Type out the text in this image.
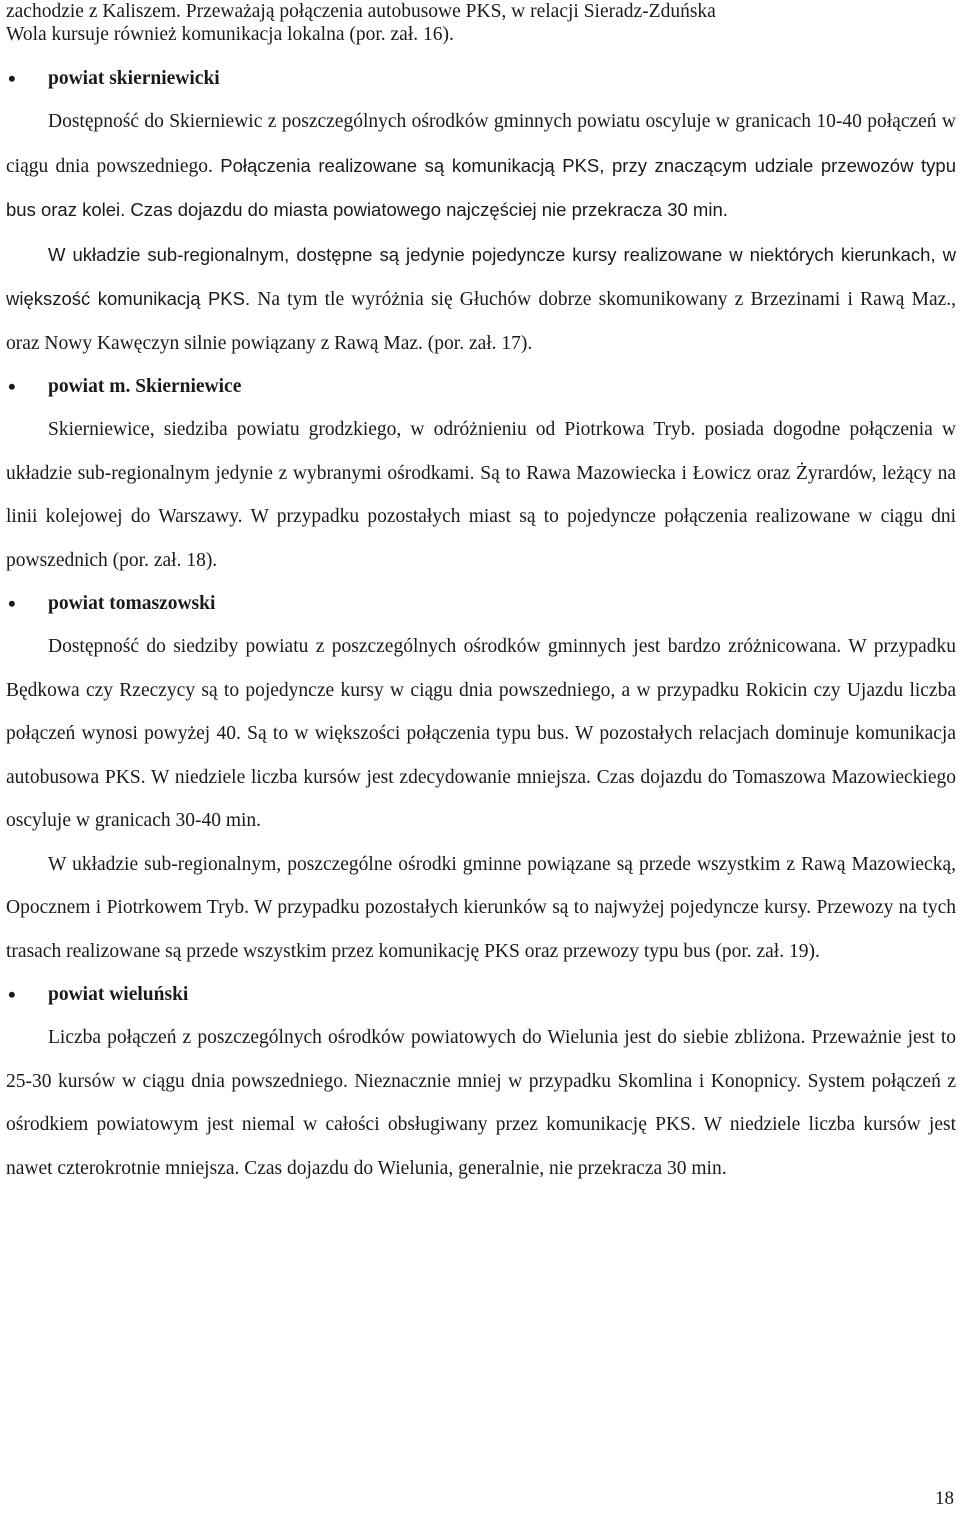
zachodzie z Kaliszem. Przeważają połączenia autobusowe PKS, w relacji Sieradz-Zduńska
Wola kursuje również komunikacja lokalna (por. zał. 16).

•	powiat skierniewicki

Dostępność do Skierniewic z poszczególnych ośrodków gminnych powiatu oscyluje w granicach 10-40 połączeń w ciągu dnia powszedniego. Połączenia realizowane są komunikacją PKS, przy znaczącym udziale przewozów typu bus oraz kolei. Czas dojazdu do miasta powiatowego najczęściej nie przekracza 30 min.

W układzie sub-regionalnym, dostępne są jedynie pojedyncze kursy realizowane w niektórych kierunkach, w większość komunikacją PKS. Na tym tle wyróżnia się Głuchów dobrze skomunikowany z Brzezinami i Rawą Maz., oraz Nowy Kawęczyn silnie powiązany z Rawą Maz. (por. zał. 17).

•	powiat m. Skierniewice

Skierniewice, siedziba powiatu grodzkiego, w odróżnieniu od Piotrkowa Tryb. posiada dogodne połączenia w układzie sub-regionalnym jedynie z wybranymi ośrodkami. Są to Rawa Mazowiecka i Łowicz oraz Żyrardów, leżący na linii kolejowej do Warszawy. W przypadku pozostałych miast są to pojedyncze połączenia realizowane w ciągu dni powszednich (por. zał. 18).

•	powiat tomaszowski

Dostępność do siedziby powiatu z poszczególnych ośrodków gminnych jest bardzo zróżnicowana. W przypadku Będkowa czy Rzeczycy są to pojedyncze kursy w ciągu dnia powszedniego, a w przypadku Rokicin czy Ujazdu liczba połączeń wynosi powyżej 40. Są to w większości połączenia typu bus. W pozostałych relacjach dominuje komunikacja autobusowa PKS. W niedziele liczba kursów jest zdecydowanie mniejsza. Czas dojazdu do Tomaszowa Mazowieckiego oscyluje w granicach 30-40 min.

W układzie sub-regionalnym, poszczególne ośrodki gminne powiązane są przede wszystkim z Rawą Mazowiecką, Opocznem i Piotrkowem Tryb. W przypadku pozostałych kierunków są to najwyżej pojedyncze kursy. Przewozy na tych trasach realizowane są przede wszystkim przez komunikację PKS oraz przewozy typu bus (por. zał. 19).

•	powiat wieluński

Liczba połączeń z poszczególnych ośrodków powiatowych do Wielunia jest do siebie zbliżona. Przeważnie jest to 25-30 kursów w ciągu dnia powszedniego. Nieznacznie mniej w przypadku Skomlina i Konopnicy. System połączeń z ośrodkiem powiatowym jest niemal w całości obsługiwany przez komunikację PKS. W niedziele liczba kursów jest nawet czterokrotnie mniejsza. Czas dojazdu do Wielunia, generalnie, nie przekracza 30 min.

18
